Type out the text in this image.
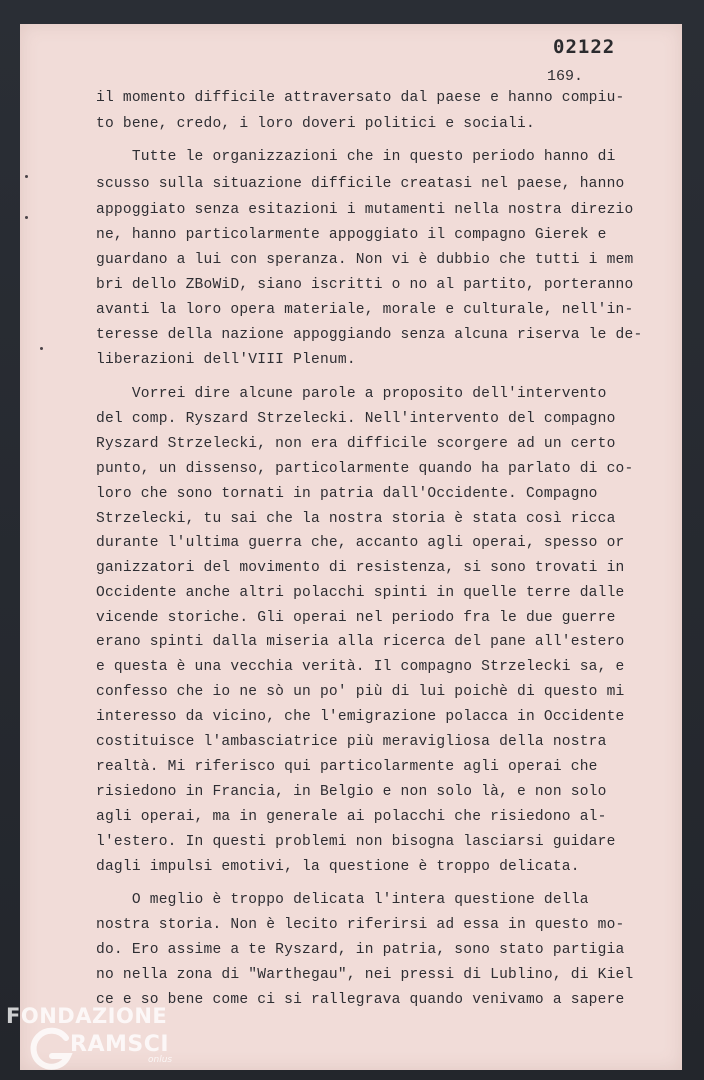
02122
169.
il momento difficile attraversato dal paese e hanno compiu-
to bene, credo, i loro doveri politici e sociali.
Tutte le organizzazioni che in questo periodo hanno di
scusso sulla situazione difficile creatasi nel paese, hanno
appoggiato senza esitazioni i mutamenti nella nostra direzio
ne, hanno particolarmente appoggiato il compagno Gierek e
guardano a lui con speranza. Non vi è dubbio che tutti i mem
bri dello ZBoWiD, siano iscritti o no al partito, porteranno
avanti la loro opera materiale, morale e culturale, nell'in-
teresse della nazione appoggiando senza alcuna riserva le de-
liberazioni dell'VIII Plenum.
Vorrei dire alcune parole a proposito dell'intervento
del comp. Ryszard Strzelecki. Nell'intervento del compagno
Ryszard Strzelecki, non era difficile scorgere ad un certo
punto, un dissenso, particolarmente quando ha parlato di co-
loro che sono tornati in patria dall'Occidente. Compagno
Strzelecki, tu sai che la nostra storia è stata così ricca
durante l'ultima guerra che, accanto agli operai, spesso or
ganizzatori del movimento di resistenza, si sono trovati in
Occidente anche altri polacchi spinti in quelle terre dalle
vicende storiche. Gli operai nel periodo fra le due guerre
erano spinti dalla miseria alla ricerca del pane all'estero
e questa è una vecchia verità. Il compagno Strzelecki sa, e
confesso che io ne sò un po' più di lui poichè di questo mi
interesso da vicino, che l'emigrazione polacca in Occidente
costituisce l'ambasciatrice più meravigliosa della nostra
realtà. Mi riferisco qui particolarmente agli operai che
risiedono in Francia, in Belgio e non solo là, e non solo
agli operai, ma in generale ai polacchi che risiedono al-
l'estero. In questi problemi non bisogna lasciarsi guidare
dagli impulsi emotivi, la questione è troppo delicata.
O meglio è troppo delicata l'intera questione della
nostra storia. Non è lecito riferirsi ad essa in questo mo-
do. Ero assime a te Ryszard, in patria, sono stato partigia
no nella zona di "Warthegau", nei pressi di Lublino, di Kiel
ce e so bene come ci si rallegrava quando venivamo a sapere
FONDAZIONE
RAMSCI
onlus
